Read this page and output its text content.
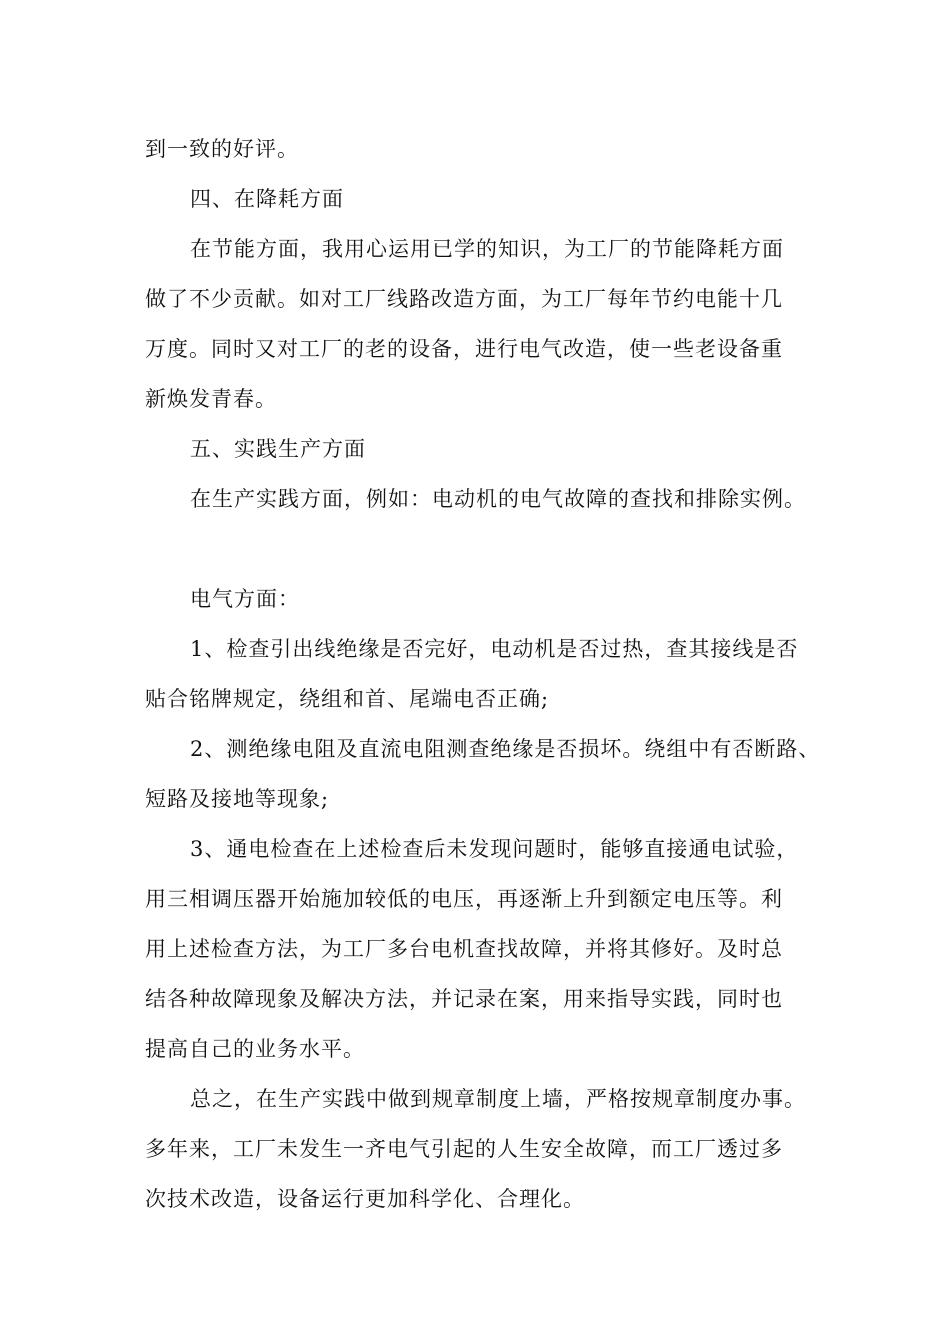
到一致的好评。
四、在降耗方面
在节能方面，我用心运用已学的知识，为工厂的节能降耗方面
做了不少贡献。如对工厂线路改造方面，为工厂每年节约电能十几
万度。同时又对工厂的老的设备，进行电气改造，使一些老设备重
新焕发青春。
五、实践生产方面
在生产实践方面，例如：电动机的电气故障的查找和排除实例。
电气方面：
1、检查引出线绝缘是否完好，电动机是否过热，查其接线是否
贴合铭牌规定，绕组和首、尾端电否正确;
2、测绝缘电阻及直流电阻测查绝缘是否损坏。绕组中有否断路、
短路及接地等现象;
3、通电检查在上述检查后未发现问题时，能够直接通电试验，
用三相调压器开始施加较低的电压，再逐渐上升到额定电压等。利
用上述检查方法，为工厂多台电机查找故障，并将其修好。及时总
结各种故障现象及解决方法，并记录在案，用来指导实践，同时也
提高自己的业务水平。
总之，在生产实践中做到规章制度上墙，严格按规章制度办事。
多年来，工厂未发生一齐电气引起的人生安全故障，而工厂透过多
次技术改造，设备运行更加科学化、合理化。
